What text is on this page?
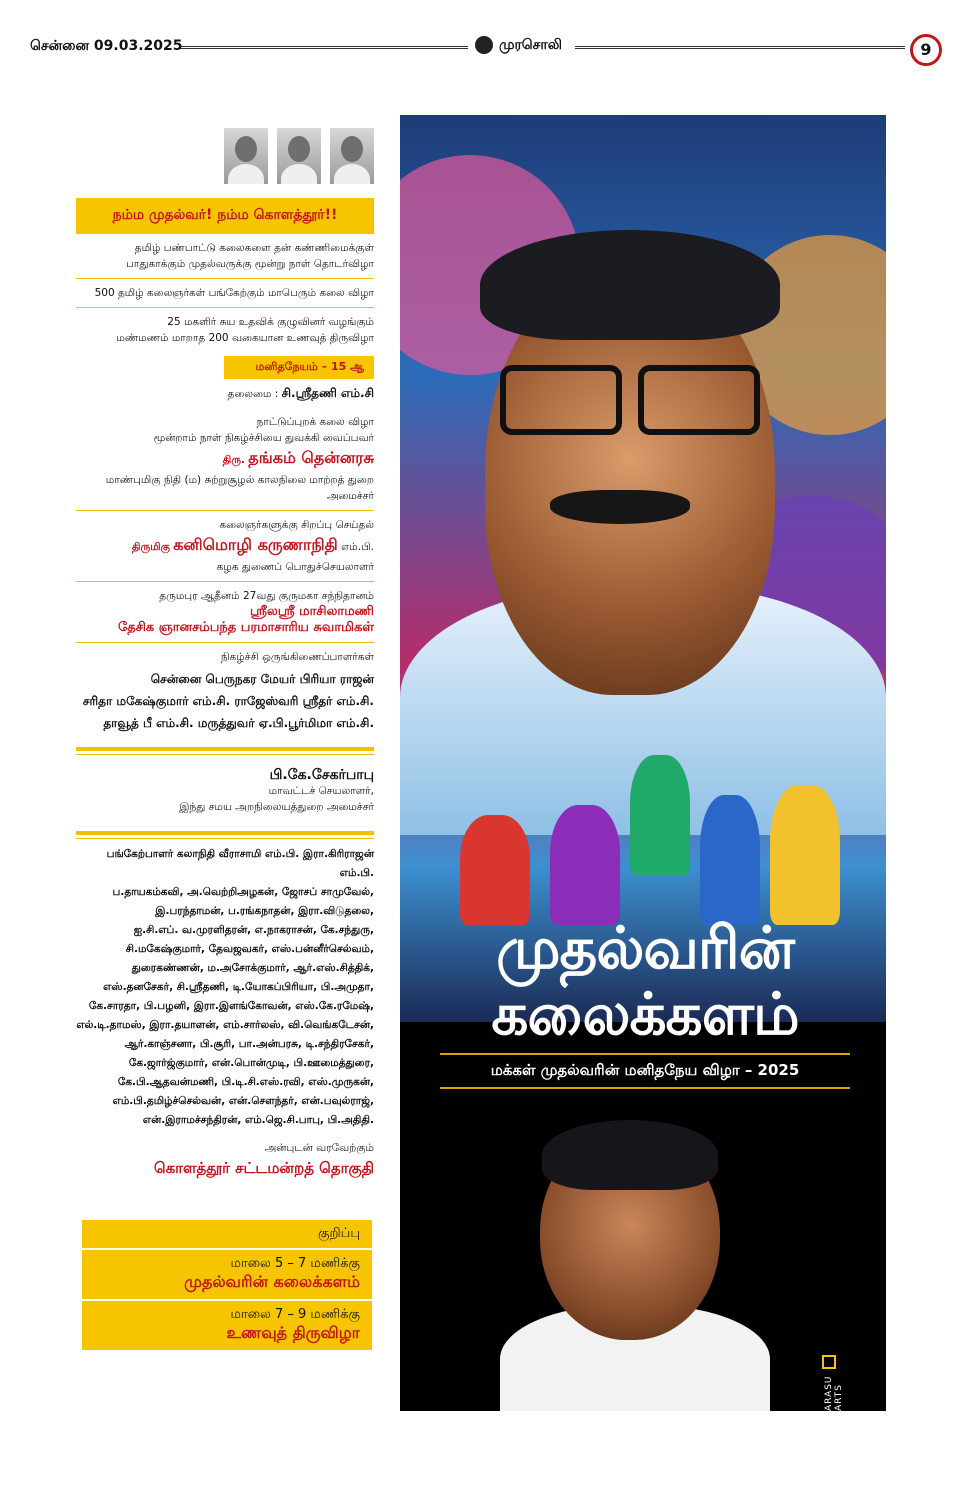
சென்னை 09.03.2025	முரசொலி	9
நம்ம முதல்வர்! நம்ம கொளத்தூர்!!
தமிழ் பண்பாட்டு கலைகளை தன் கண்ணிமைக்குள்
பாதுகாக்கும் முதல்வருக்கு மூன்று நாள் தொடர்விழா
500 தமிழ் கலைஞர்கள் பங்கேற்கும் மாபெரும் கலை விழா
25 மகளிர் சுய உதவிக் குழுவினர் வழங்கும்
மண்மணம் மாறாத 200 வகையான உணவுத் திருவிழா
மனிதநேயம் – 15 ஆ
தலைமை : சி.ஸ்ரீதணி எம்.சி
நாட்டுப்புறக் கலை விழா
மூன்றாம் நாள் நிகழ்ச்சியை துவக்கி வைப்பவர்
திரு. தங்கம் தென்னரசு
மாண்புமிகு நிதி (ம) சுற்றுசூழல் காலநிலை மாற்றத் துறை அமைச்சர்
கலைஞர்களுக்கு சிறப்பு செய்தல்
திருமிகு கனிமொழி கருணாநிதி எம்.பி.
கழக துணைப் பொதுச்செயலாளர்
தருமபுர ஆதீனம் 27வது குருமகா சந்நிதானம்
ஸ்ரீலஸ்ரீ மாசிலாமணி
தேசிக ஞானசம்பந்த பரமாசாரிய சுவாமிகள்
நிகழ்ச்சி ஒருங்கிணைப்பாளர்கள்
சென்னை பெருநகர மேயர் பிரியா ராஜன்
சரிதா மகேஷ்குமார் எம்.சி. ராஜேஸ்வரி ஸ்ரீதர் எம்.சி.
தாவூத் பீ எம்.சி. மருத்துவர் ஏ.பி.பூர்மிமா எம்.சி.
பி.கே.சேகர்பாபு
மாவட்டச் செயலாளர்,
இந்து சமய அறநிலையத்துறை அமைச்சர்
பங்கேற்பாளர் கலாநிதி வீராசாமி எம்.பி. இரா.கிரிராஜன் எம்.பி.
ப.தாயகம்கவி, அ.வெற்றிஅழகன், ஜோசப் சாமுவேல்,
இ.பரந்தாமன், ப.ரங்கநாதன், இரா.விடுதலை,
ஐ.சி.எப். வ.முரளிதரன், எ.நாகராசன், கே.சந்துரு,
சி.மகேஷ்குமார், தேவஜவகர், எஸ்.பன்னீர்செல்வம்,
துரைகண்ணன், ம.அசோக்குமார், ஆர்.எஸ்.சித்திக்,
எஸ்.தனசேகர், சி.ஸ்ரீதணி, டி.யோகப்பிரியா, பி.அமுதா,
கே.சாரதா, பி.பழனி, இரா.இளங்கோவன், எஸ்.கே.ரமேஷ்,
எல்.டி.தாமஸ், இரா.தயாளன், எம்.சார்லஸ், வி.வெங்கடேசன்,
ஆர்.காஞ்சனா, பி.சூரி, பா.அன்பரசு, டி.சந்திரசேகர்,
கே.ஜார்ஜ்குமார், என்.பொன்முடி, பி.ஊமைத்துரை,
கே.பி.ஆதவன்மணி, பி.டி.சி.எஸ்.ரவி, எஸ்.முருகன்,
எம்.பி.தமிழ்ச்செல்வன், என்.சௌந்தர், என்.பவுல்ராஜ்,
என்.இராமச்சந்திரன், எம்.ஜெ.சி.பாபு, பி.அதிதி.
அன்புடன் வரவேற்கும்
கொளத்தூர் சட்டமன்றத் தொகுதி
குறிப்பு
மாலை 5 – 7 மணிக்கு
முதல்வரின் கலைக்களம்
மாலை 7 – 9 மணிக்கு
உணவுத் திருவிழா
முதல்வரின்
கலைக்களம்
மக்கள் முதல்வரின் மனிதநேய விழா – 2025
ARASU ARTS
